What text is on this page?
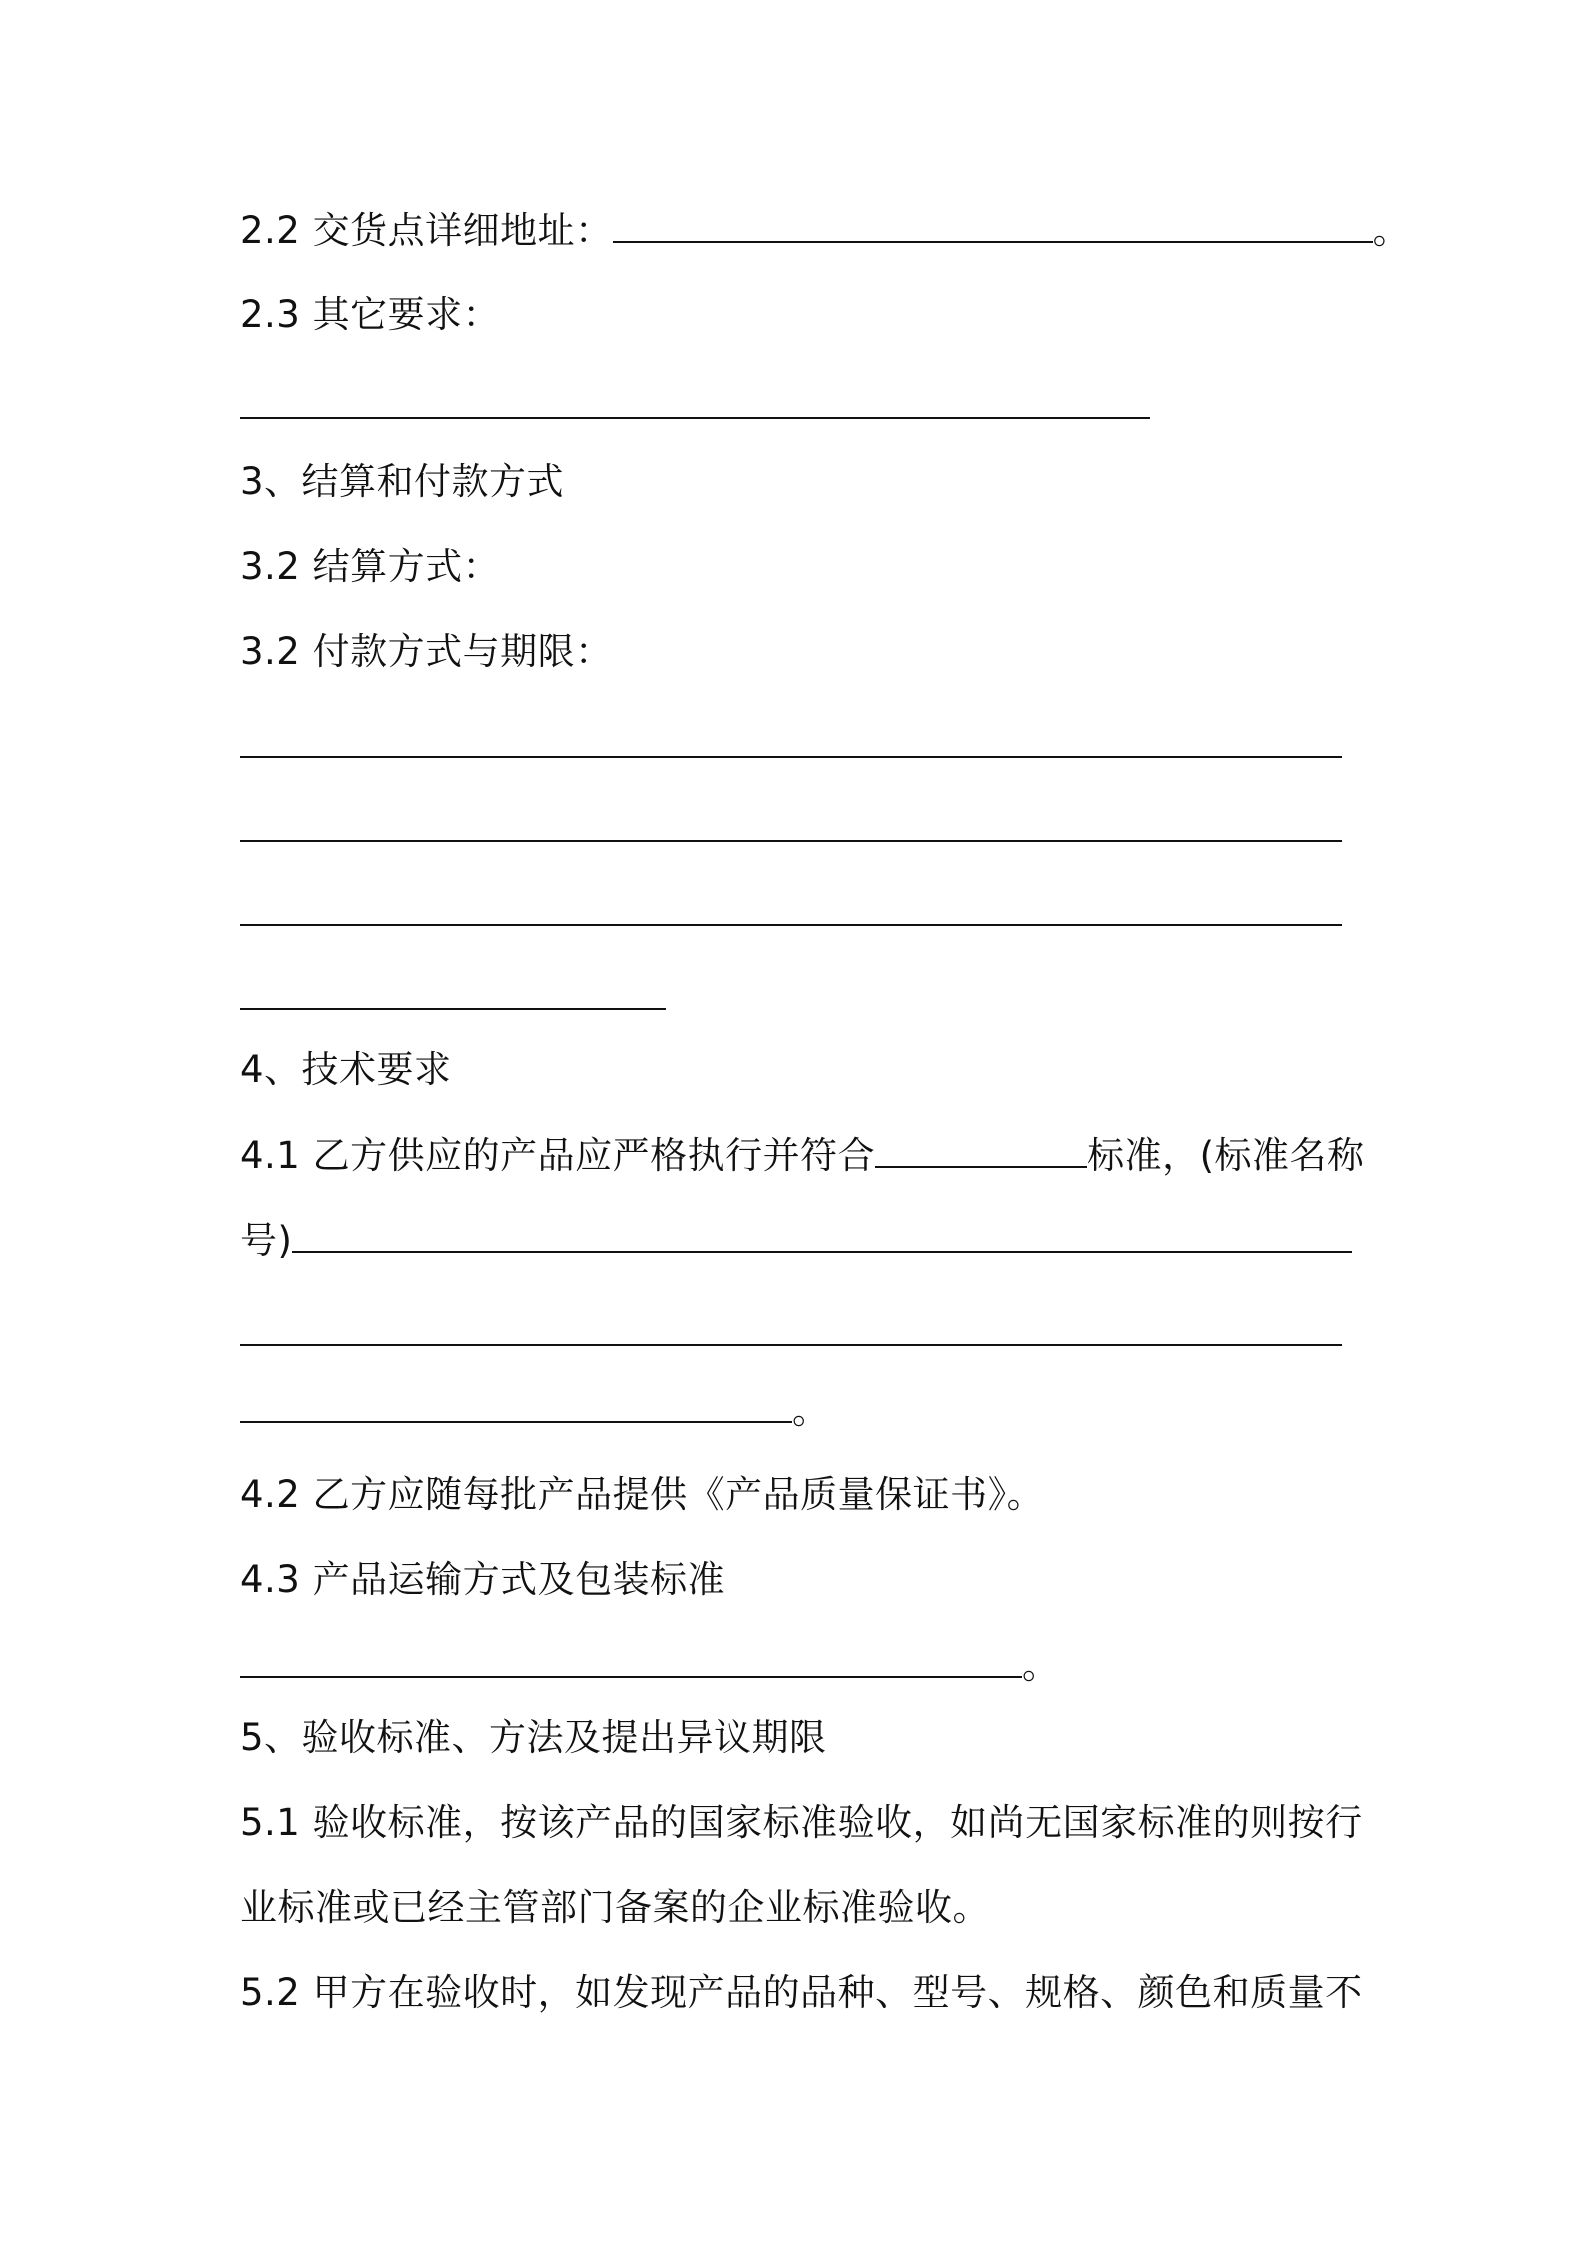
2.2 交货点详细地址：	。
2.3 其它要求：
3、结算和付款方式
3.2 结算方式：
3.2 付款方式与期限：
4、技术要求
4.1 乙方供应的产品应严格执行并符合	标准，(标准名称
号)
。
4.2 乙方应随每批产品提供《产品质量保证书》。
4.3 产品运输方式及包装标准
。
5、验收标准、方法及提出异议期限
5.1 验收标准，按该产品的国家标准验收，如尚无国家标准的则按行
业标准或已经主管部门备案的企业标准验收。
5.2 甲方在验收时，如发现产品的品种、型号、规格、颜色和质量不
